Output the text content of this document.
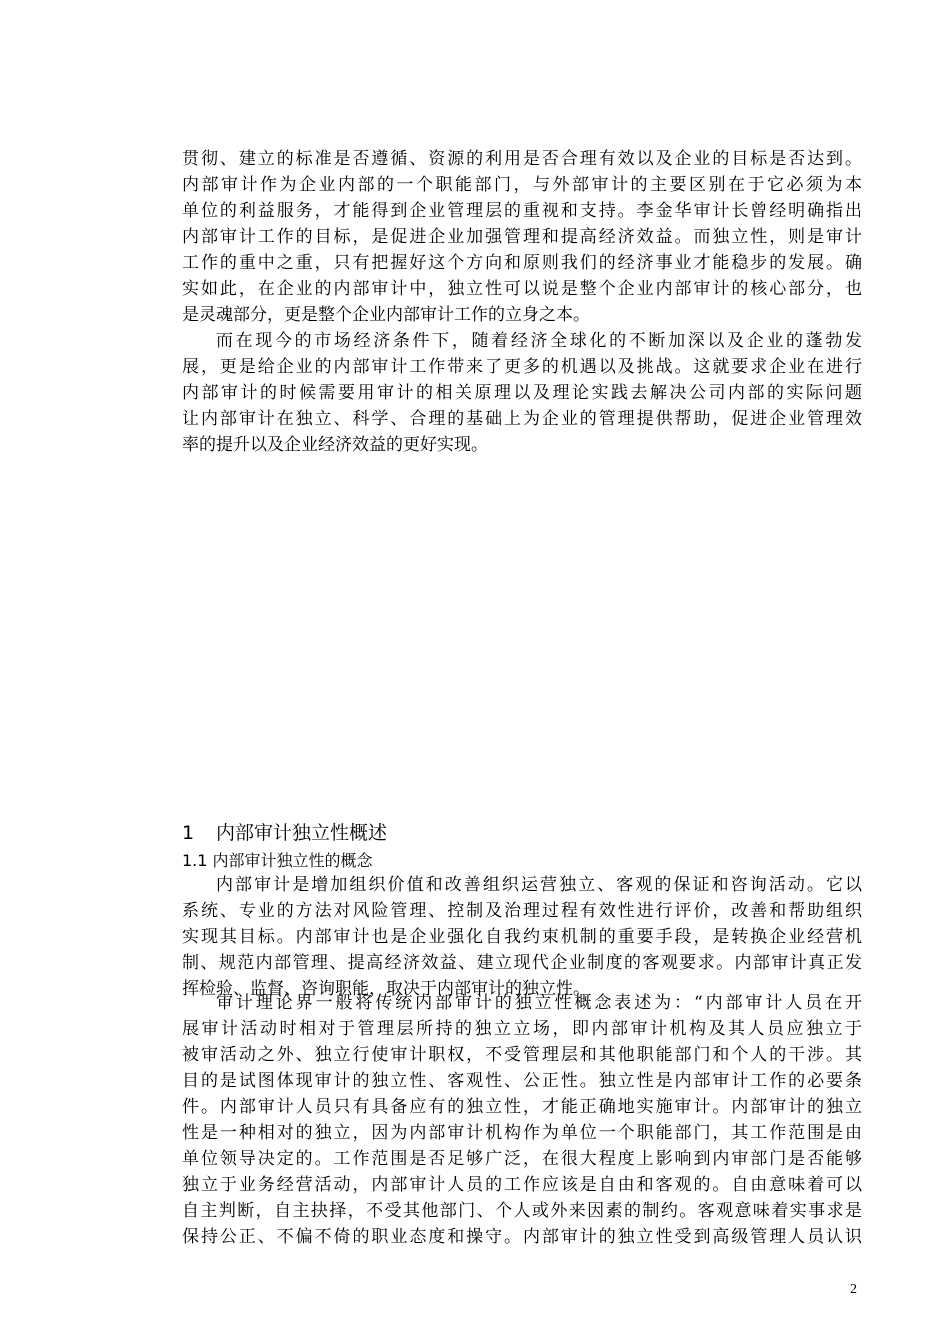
贯彻、建立的标准是否遵循、资源的利用是否合理有效以及企业的目标是否达到。
内部审计作为企业内部的一个职能部门，与外部审计的主要区别在于它必须为本
单位的利益服务，才能得到企业管理层的重视和支持。李金华审计长曾经明确指出
内部审计工作的目标，是促进企业加强管理和提高经济效益。而独立性，则是审计
工作的重中之重，只有把握好这个方向和原则我们的经济事业才能稳步的发展。确
实如此，在企业的内部审计中，独立性可以说是整个企业内部审计的核心部分，也
是灵魂部分，更是整个企业内部审计工作的立身之本。
而在现今的市场经济条件下，随着经济全球化的不断加深以及企业的蓬勃发
展，更是给企业的内部审计工作带来了更多的机遇以及挑战。这就要求企业在进行
内部审计的时候需要用审计的相关原理以及理论实践去解决公司内部的实际问题
让内部审计在独立、科学、合理的基础上为企业的管理提供帮助，促进企业管理效
率的提升以及企业经济效益的更好实现。
1 内部审计独立性概述
1.1 内部审计独立性的概念
内部审计是增加组织价值和改善组织运营独立、客观的保证和咨询活动。它以
系统、专业的方法对风险管理、控制及治理过程有效性进行评价，改善和帮助组织
实现其目标。内部审计也是企业强化自我约束机制的重要手段，是转换企业经营机
制、规范内部管理、提高经济效益、建立现代企业制度的客观要求。内部审计真正发
挥检验、监督、咨询职能，取决于内部审计的独立性。
审计理论界一般将传统内部审计的独立性概念表述为：“内部审计人员在开
展审计活动时相对于管理层所持的独立立场，即内部审计机构及其人员应独立于
被审活动之外、独立行使审计职权，不受管理层和其他职能部门和个人的干涉。其
目的是试图体现审计的独立性、客观性、公正性。独立性是内部审计工作的必要条
件。内部审计人员只有具备应有的独立性，才能正确地实施审计。内部审计的独立
性是一种相对的独立，因为内部审计机构作为单位一个职能部门，其工作范围是由
单位领导决定的。工作范围是否足够广泛，在很大程度上影响到内审部门是否能够
独立于业务经营活动，内部审计人员的工作应该是自由和客观的。自由意味着可以
自主判断，自主抉择，不受其他部门、个人或外来因素的制约。客观意味着实事求是
保持公正、不偏不倚的职业态度和操守。内部审计的独立性受到高级管理人员认识
2
